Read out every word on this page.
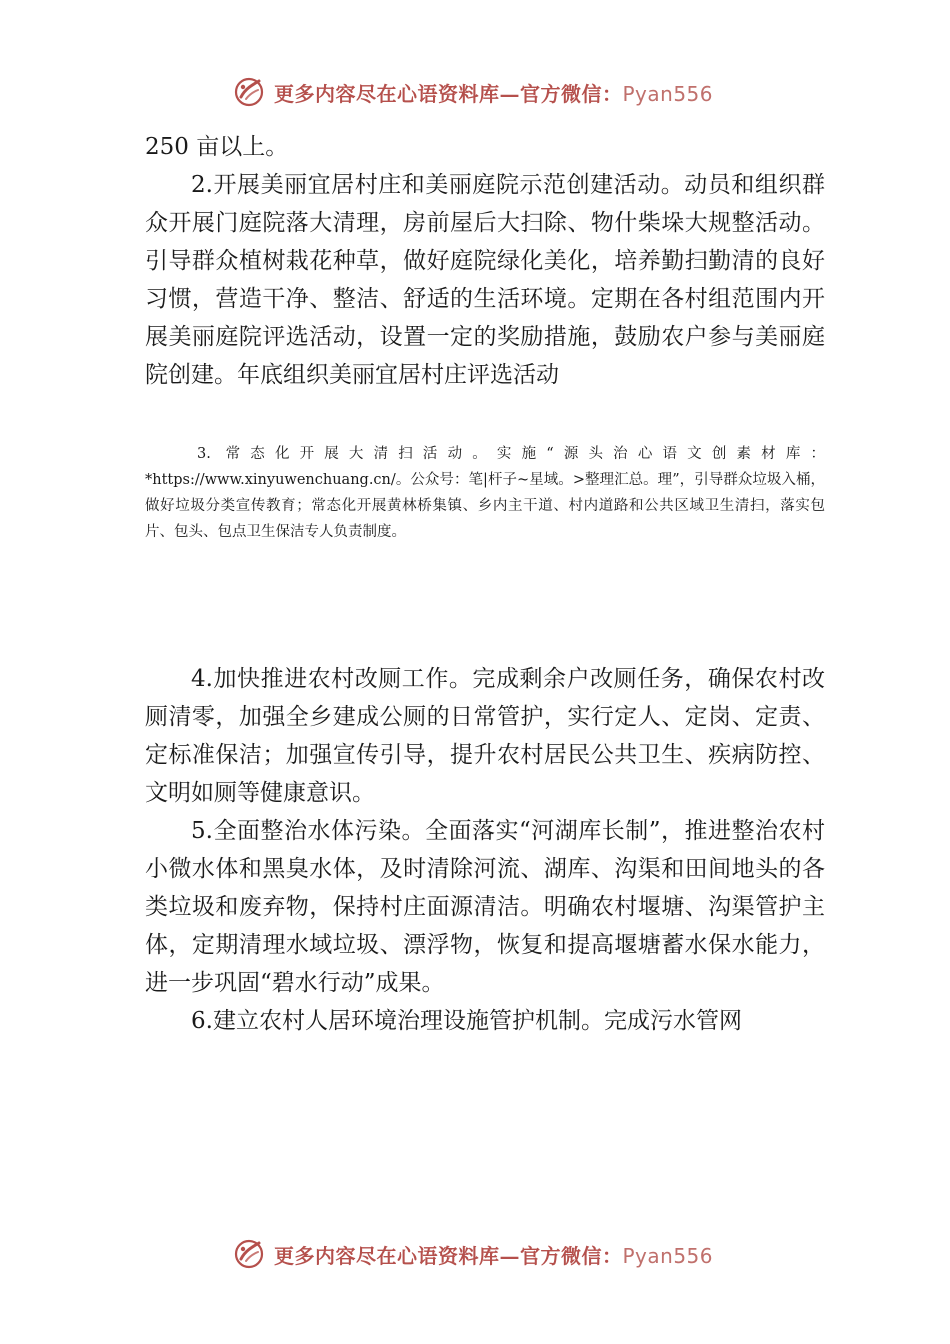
更多内容尽在心语资料库—官方微信：Pyan556

250 亩以上。

2.开展美丽宜居村庄和美丽庭院示范创建活动。动员和组织群众开展门庭院落大清理，房前屋后大扫除、物什柴垛大规整活动。引导群众植树栽花种草，做好庭院绿化美化，培养勤扫勤清的良好习惯，营造干净、整洁、舒适的生活环境。定期在各村组范围内开展美丽庭院评选活动，设置一定的奖励措施，鼓励农户参与美丽庭院创建。年底组织美丽宜居村庄评选活动

3. 常态化开展大清扫活动。实施“源头治心语文创素材库：*https://www.xinyuwenchuang.cn/。公众号：笔|杆子~星域。>整理汇总。理”，引导群众垃圾入桶，做好垃圾分类宣传教育；常态化开展黄林桥集镇、乡内主干道、村内道路和公共区域卫生清扫，落实包片、包头、包点卫生保洁专人负责制度。

4.加快推进农村改厕工作。完成剩余户改厕任务，确保农村改厕清零，加强全乡建成公厕的日常管护，实行定人、定岗、定责、定标准保洁；加强宣传引导，提升农村居民公共卫生、疾病防控、文明如厕等健康意识。

5.全面整治水体污染。全面落实“河湖库长制”，推进整治农村小微水体和黑臭水体，及时清除河流、湖库、沟渠和田间地头的各类垃圾和废弃物，保持村庄面源清洁。明确农村堰塘、沟渠管护主体，定期清理水域垃圾、漂浮物，恢复和提高堰塘蓄水保水能力，进一步巩固“碧水行动”成果。

6.建立农村人居环境治理设施管护机制。完成污水管网

更多内容尽在心语资料库—官方微信：Pyan556
